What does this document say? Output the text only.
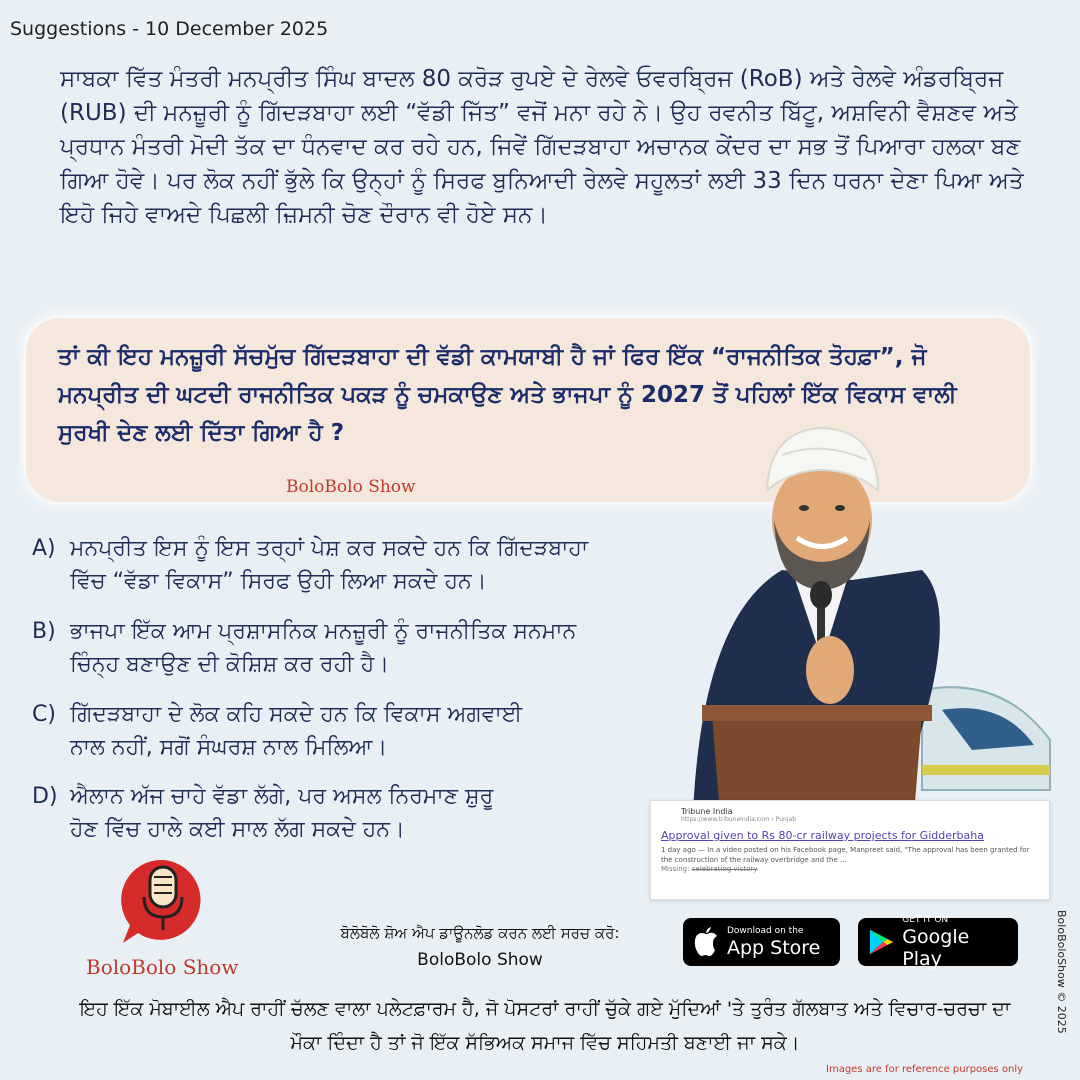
Suggestions - 10 December 2025
ਸਾਬਕਾ ਵਿੱਤ ਮੰਤਰੀ ਮਨਪ੍ਰੀਤ ਸਿੰਘ ਬਾਦਲ 80 ਕਰੋੜ ਰੁਪਏ ਦੇ ਰੇਲਵੇ ਓਵਰਬ੍ਰਿਜ (RoB) ਅਤੇ ਰੇਲਵੇ ਅੰਡਰਬ੍ਰਿਜ (RUB) ਦੀ ਮਨਜ਼ੂਰੀ ਨੂੰ ਗਿੱਦੜਬਾਹਾ ਲਈ “ਵੱਡੀ ਜਿੱਤ” ਵਜੋਂ ਮਨਾ ਰਹੇ ਨੇ। ਉਹ ਰਵਨੀਤ ਬਿੱਟੂ, ਅਸ਼ਵਿਨੀ ਵੈਸ਼ਣਵ ਅਤੇ ਪ੍ਰਧਾਨ ਮੰਤਰੀ ਮੋਦੀ ਤੱਕ ਦਾ ਧੰਨਵਾਦ ਕਰ ਰਹੇ ਹਨ, ਜਿਵੇਂ ਗਿੱਦੜਬਾਹਾ ਅਚਾਨਕ ਕੇਂਦਰ ਦਾ ਸਭ ਤੋਂ ਪਿਆਰਾ ਹਲਕਾ ਬਣ ਗਿਆ ਹੋਵੇ। ਪਰ ਲੋਕ ਨਹੀਂ ਭੁੱਲੇ ਕਿ ਉਨ੍ਹਾਂ ਨੂੰ ਸਿਰਫ ਬੁਨਿਆਦੀ ਰੇਲਵੇ ਸਹੂਲਤਾਂ ਲਈ 33 ਦਿਨ ਧਰਨਾ ਦੇਣਾ ਪਿਆ ਅਤੇ ਇਹੋ ਜਿਹੇ ਵਾਅਦੇ ਪਿਛਲੀ ਜ਼ਿਮਨੀ ਚੋਣ ਦੌਰਾਨ ਵੀ ਹੋਏ ਸਨ।
ਤਾਂ ਕੀ ਇਹ ਮਨਜ਼ੂਰੀ ਸੱਚਮੁੱਚ ਗਿੱਦੜਬਾਹਾ ਦੀ ਵੱਡੀ ਕਾਮਯਾਬੀ ਹੈ ਜਾਂ ਫਿਰ ਇੱਕ “ਰਾਜਨੀਤਿਕ ਤੋਹਫ਼ਾ”, ਜੋ ਮਨਪ੍ਰੀਤ ਦੀ ਘਟਦੀ ਰਾਜਨੀਤਿਕ ਪਕੜ ਨੂੰ ਚਮਕਾਉਣ ਅਤੇ ਭਾਜਪਾ ਨੂੰ 2027 ਤੋਂ ਪਹਿਲਾਂ ਇੱਕ ਵਿਕਾਸ ਵਾਲੀ ਸੁਰਖੀ ਦੇਣ ਲਈ ਦਿੱਤਾ ਗਿਆ ਹੈ ?
BoloBolo Show
A) ਮਨਪ੍ਰੀਤ ਇਸ ਨੂੰ ਇਸ ਤਰ੍ਹਾਂ ਪੇਸ਼ ਕਰ ਸਕਦੇ ਹਨ ਕਿ ਗਿੱਦੜਬਾਹਾ
ਵਿੱਚ “ਵੱਡਾ ਵਿਕਾਸ” ਸਿਰਫ ਉਹੀ ਲਿਆ ਸਕਦੇ ਹਨ।
B) ਭਾਜਪਾ ਇੱਕ ਆਮ ਪ੍ਰਸ਼ਾਸਨਿਕ ਮਨਜ਼ੂਰੀ ਨੂੰ ਰਾਜਨੀਤਿਕ ਸਨਮਾਨ
ਚਿੰਨ੍ਹ ਬਣਾਉਣ ਦੀ ਕੋਸ਼ਿਸ਼ ਕਰ ਰਹੀ ਹੈ।
C) ਗਿੱਦੜਬਾਹਾ ਦੇ ਲੋਕ ਕਹਿ ਸਕਦੇ ਹਨ ਕਿ ਵਿਕਾਸ ਅਗਵਾਈ
ਨਾਲ ਨਹੀਂ, ਸਗੋਂ ਸੰਘਰਸ਼ ਨਾਲ ਮਿਲਿਆ।
D) ਐਲਾਨ ਅੱਜ ਚਾਹੇ ਵੱਡਾ ਲੱਗੇ, ਪਰ ਅਸਲ ਨਿਰਮਾਣ ਸ਼ੁਰੂ
ਹੋਣ ਵਿੱਚ ਹਾਲੇ ਕਈ ਸਾਲ ਲੱਗ ਸਕਦੇ ਹਨ।
Tribune India
https://www.tribuneindia.com › Punjab
Approval given to Rs 80-cr railway projects for Gidderbaha
1 day ago — In a video posted on his Facebook page, Manpreet said, "The approval has been granted for the construction of the railway overbridge and the ...
Missing: celebrating victory
BoloBolo Show
ਬੋਲੋਬੋਲੋ ਸ਼ੋਅ ਐਪ ਡਾਊਨਲੋਡ ਕਰਨ ਲਈ ਸਰਚ ਕਰੋ:
BoloBolo Show
Download on the
App Store
GET IT ON
Google Play
ਇਹ ਇੱਕ ਮੋਬਾਈਲ ਐਪ ਰਾਹੀਂ ਚੱਲਣ ਵਾਲਾ ਪਲੇਟਫ਼ਾਰਮ ਹੈ, ਜੋ ਪੋਸਟਰਾਂ ਰਾਹੀਂ ਚੁੱਕੇ ਗਏ ਮੁੱਦਿਆਂ 'ਤੇ ਤੁਰੰਤ ਗੱਲਬਾਤ ਅਤੇ ਵਿਚਾਰ-ਚਰਚਾ ਦਾ ਮੌਕਾ ਦਿੰਦਾ ਹੈ ਤਾਂ ਜੋ ਇੱਕ ਸੱਭਿਅਕ ਸਮਾਜ ਵਿੱਚ ਸਹਿਮਤੀ ਬਣਾਈ ਜਾ ਸਕੇ।
BoloBoloShow © 2025
Images are for reference purposes only
